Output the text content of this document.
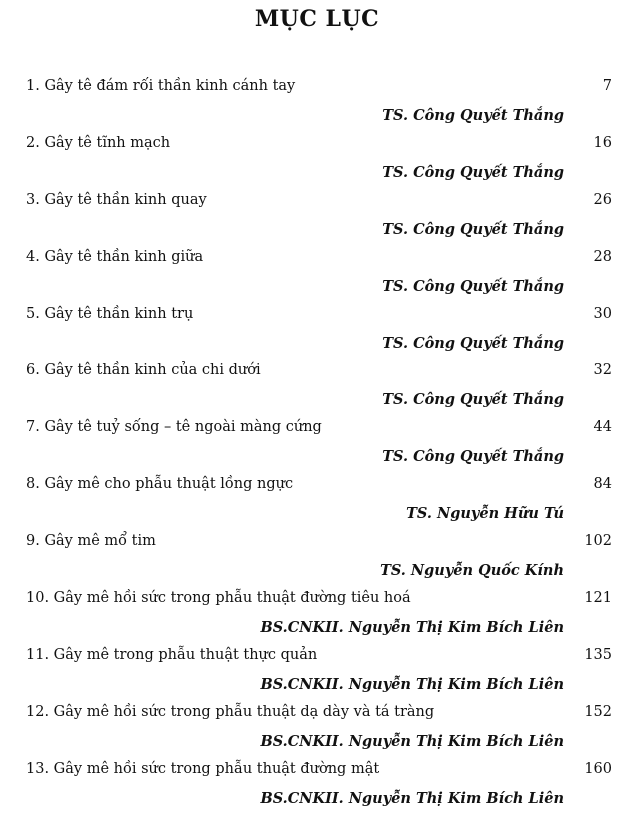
MỤC LỤC
1. Gây tê đám rối thần kinh cánh tay	7
TS. Công Quyết Thắng
2. Gây tê tĩnh mạch	16
TS. Công Quyết Thắng
3. Gây tê thần kinh quay	26
TS. Công Quyết Thắng
4. Gây tê thần kinh giữa	28
TS. Công Quyết Thắng
5. Gây tê thần kinh trụ	30
TS. Công Quyết Thắng
6. Gây tê thần kinh của chi dưới	32
TS. Công Quyết Thắng
7. Gây tê tuỷ sống – tê ngoài màng cứng	44
TS. Công Quyết Thắng
8. Gây mê cho phẫu thuật lồng ngực	84
TS. Nguyễn Hữu Tú
9. Gây mê mổ tim	102
TS. Nguyễn Quốc Kính
10. Gây mê hồi sức trong phẫu thuật đường tiêu hoá	121
BS.CNKII. Nguyễn Thị Kim Bích Liên
11. Gây mê trong phẫu thuật thực quản	135
BS.CNKII. Nguyễn Thị Kim Bích Liên
12. Gây mê hồi sức trong phẫu thuật dạ dày và tá tràng	152
BS.CNKII. Nguyễn Thị Kim Bích Liên
13. Gây mê hồi sức trong phẫu thuật đường mật	160
BS.CNKII. Nguyễn Thị Kim Bích Liên
